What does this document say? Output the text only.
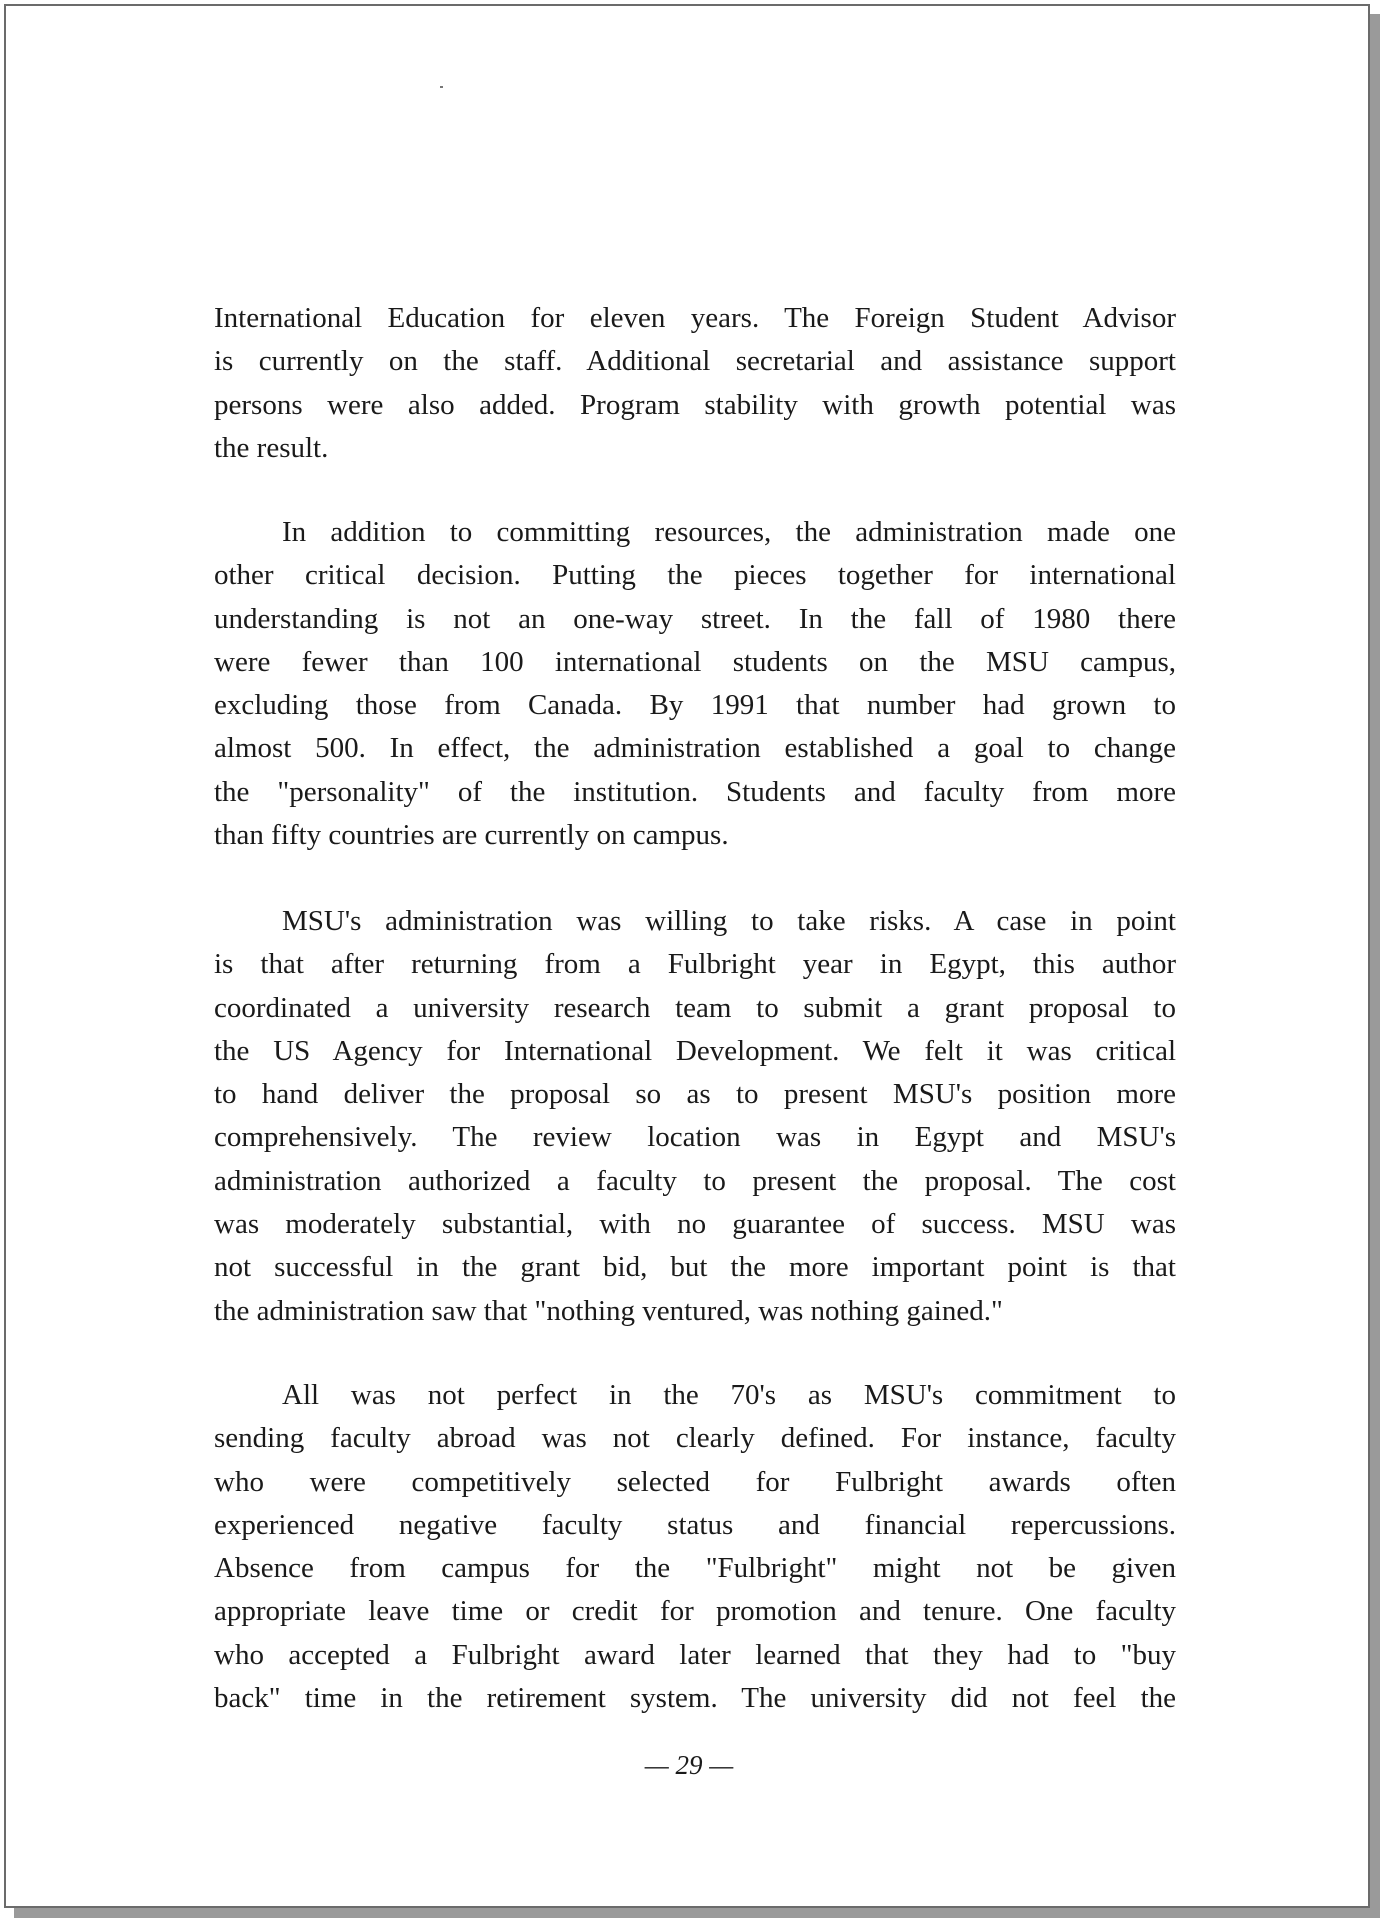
International Education for eleven years. The Foreign Student Advisor
is currently on the staff. Additional secretarial and assistance support
persons were also added. Program stability with growth potential was
the result.
In addition to committing resources, the administration made one
other critical decision. Putting the pieces together for international
understanding is not an one-way street. In the fall of 1980 there
were fewer than 100 international students on the MSU campus,
excluding those from Canada. By 1991 that number had grown to
almost 500. In effect, the administration established a goal to change
the "personality" of the institution. Students and faculty from more
than fifty countries are currently on campus.
MSU's administration was willing to take risks. A case in point
is that after returning from a Fulbright year in Egypt, this author
coordinated a university research team to submit a grant proposal to
the US Agency for International Development. We felt it was critical
to hand deliver the proposal so as to present MSU's position more
comprehensively. The review location was in Egypt and MSU's
administration authorized a faculty to present the proposal. The cost
was moderately substantial, with no guarantee of success. MSU was
not successful in the grant bid, but the more important point is that
the administration saw that "nothing ventured, was nothing gained."
All was not perfect in the 70's as MSU's commitment to
sending faculty abroad was not clearly defined. For instance, faculty
who were competitively selected for Fulbright awards often
experienced negative faculty status and financial repercussions.
Absence from campus for the "Fulbright" might not be given
appropriate leave time or credit for promotion and tenure. One faculty
who accepted a Fulbright award later learned that they had to "buy
back" time in the retirement system. The university did not feel the
— 29 —
